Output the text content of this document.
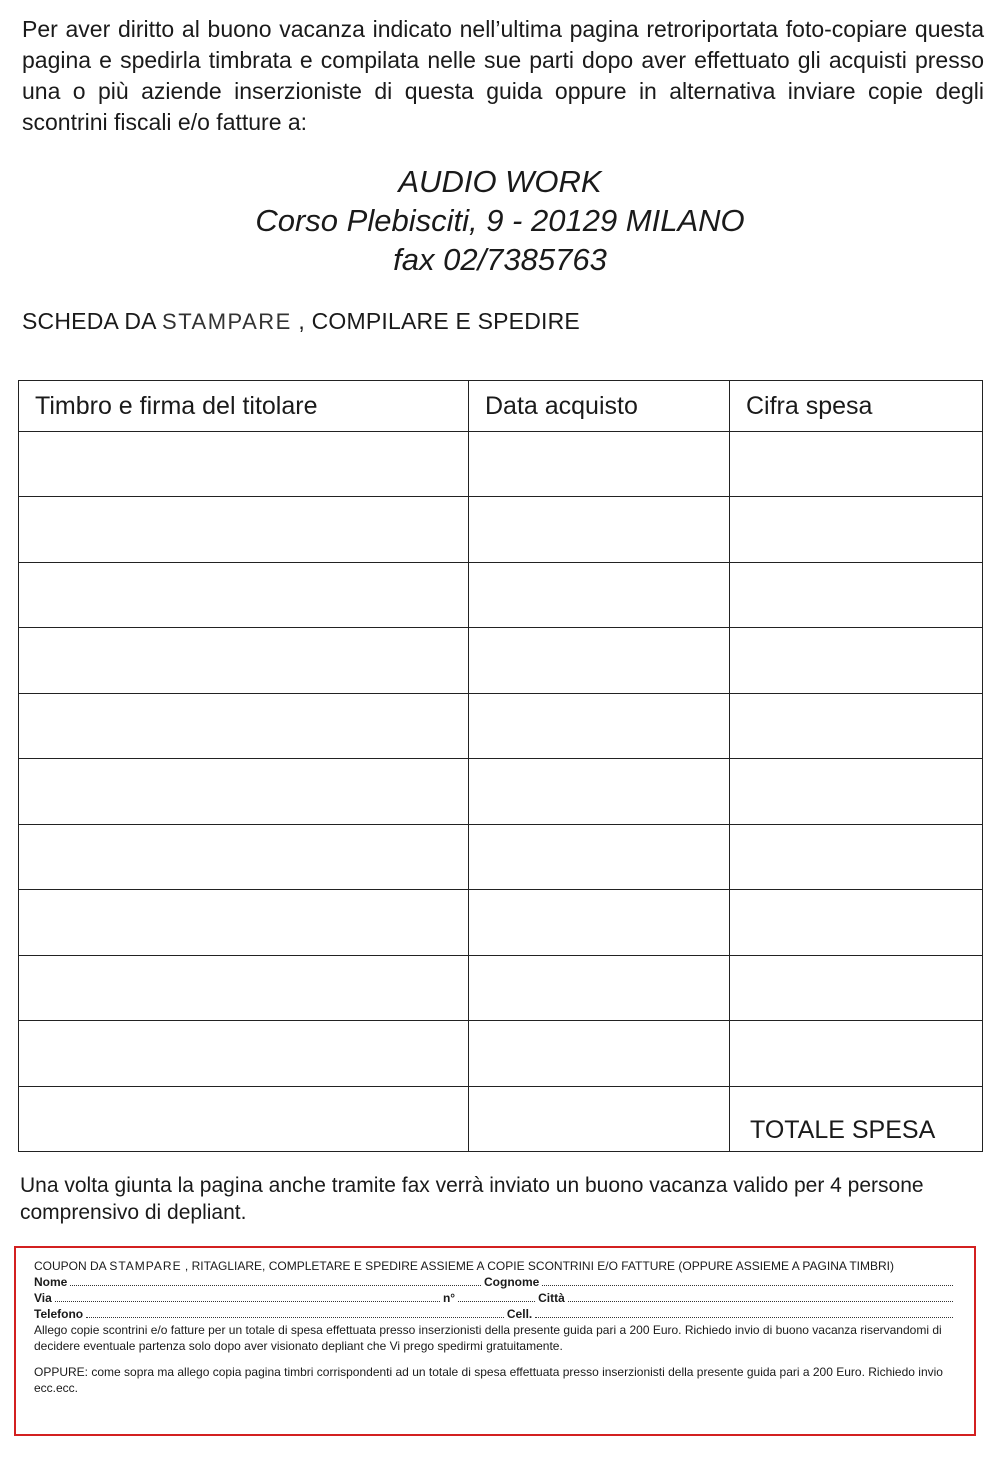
Per aver diritto al buono vacanza indicato nell’ultima pagina retroriportata foto-copiare questa pagina e spedirla timbrata e compilata nelle sue parti dopo aver effettuato gli acquisti presso una o più aziende inserzioniste di questa guida oppure in alternativa inviare copie degli scontrini fiscali e/o fatture a:

AUDIO WORK
Corso Plebisciti, 9 - 20129 MILANO
fax 02/7385763
SCHEDA DA STAMPARE , COMPILARE E SPEDIRE
Timbro e firma del titolare	Data acquisto	Cifra spesa

		TOTALE SPESA

Una volta giunta la pagina anche tramite fax verrà inviato un buono vacanza valido per 4 persone comprensivo di depliant.

COUPON DA STAMPARE , RITAGLIARE, COMPLETARE E SPEDIRE ASSIEME A COPIE SCONTRINI E/O FATTURE (OPPURE ASSIEME A PAGINA TIMBRI)

Nome	Cognome
Via	n°	Città
Telefono	Cell.

Allego copie scontrini e/o fatture per un totale di spesa effettuata presso inserzionisti della presente guida pari a 200 Euro. Richiedo invio di buono vacanza riservandomi di decidere eventuale partenza solo dopo aver visionato depliant che Vi prego spedirmi gratuitamente.

OPPURE: come sopra ma allego copia pagina timbri corrispondenti ad un totale di spesa effettuata presso inserzionisti della presente guida pari a 200 Euro. Richiedo invio ecc.ecc.
